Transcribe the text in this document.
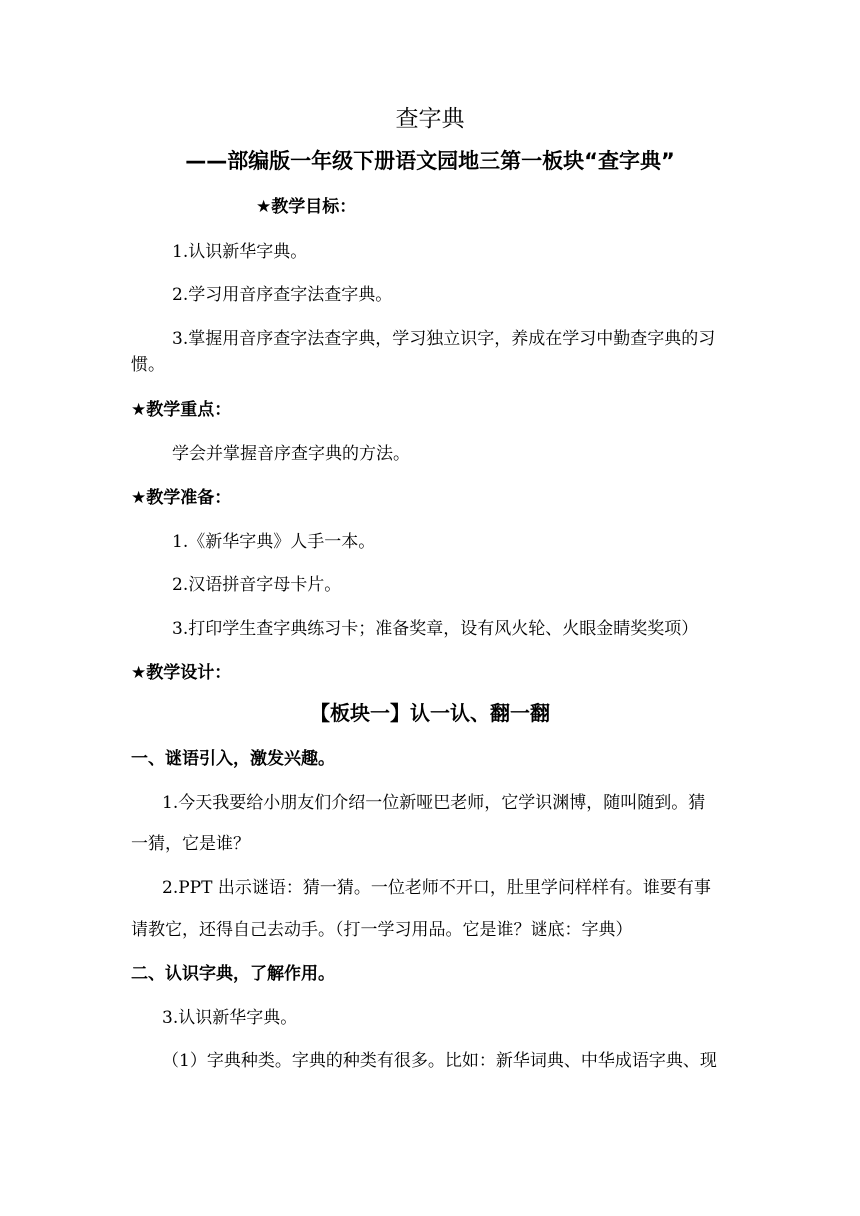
查字典
——部编版一年级下册语文园地三第一板块“查字典”
★教学目标：
1.认识新华字典。
2.学习用音序查字法查字典。
3.掌握用音序查字法查字典，学习独立识字，养成在学习中勤查字典的习
惯。
★教学重点：
学会并掌握音序查字典的方法。
★教学准备：
1.《新华字典》人手一本。
2.汉语拼音字母卡片。
3.打印学生查字典练习卡；准备奖章，设有风火轮、火眼金睛奖奖项）
★教学设计：
【板块一】认一认、翻一翻
一、谜语引入，激发兴趣。
1.今天我要给小朋友们介绍一位新哑巴老师，它学识渊博，随叫随到。猜
一猜，它是谁？
2.PPT 出示谜语：猜一猜。一位老师不开口，肚里学问样样有。谁要有事
请教它，还得自己去动手。（打一学习用品。它是谁？谜底：字典）
二、认识字典，了解作用。
3.认识新华字典。
（1）字典种类。字典的种类有很多。比如：新华词典、中华成语字典、现
